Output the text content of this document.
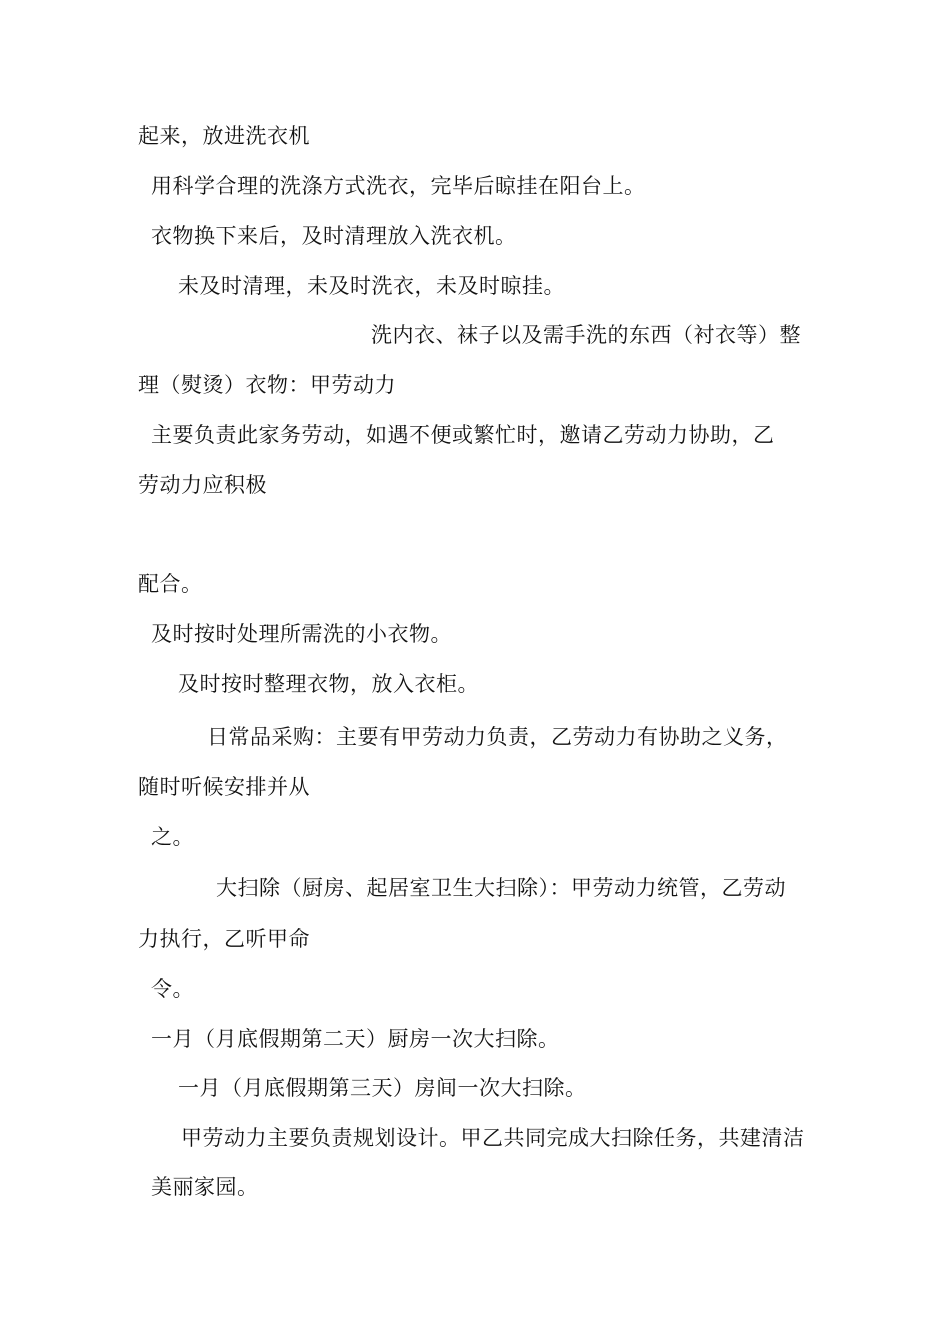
起来，放进洗衣机
用科学合理的洗涤方式洗衣，完毕后晾挂在阳台上。
衣物换下来后，及时清理放入洗衣机。
未及时清理，未及时洗衣，未及时晾挂。
洗内衣、袜子以及需手洗的东西（衬衣等）整
理（熨烫）衣物：甲劳动力
主要负责此家务劳动，如遇不便或繁忙时，邀请乙劳动力协助，乙
劳动力应积极
配合。
及时按时处理所需洗的小衣物。
及时按时整理衣物，放入衣柜。
日常品采购：主要有甲劳动力负责，乙劳动力有协助之义务，
随时听候安排并从
之。
大扫除（厨房、起居室卫生大扫除）：甲劳动力统管，乙劳动
力执行，乙听甲命
令。
一月（月底假期第二天）厨房一次大扫除。
一月（月底假期第三天）房间一次大扫除。
甲劳动力主要负责规划设计。甲乙共同完成大扫除任务，共建清洁
美丽家园。
